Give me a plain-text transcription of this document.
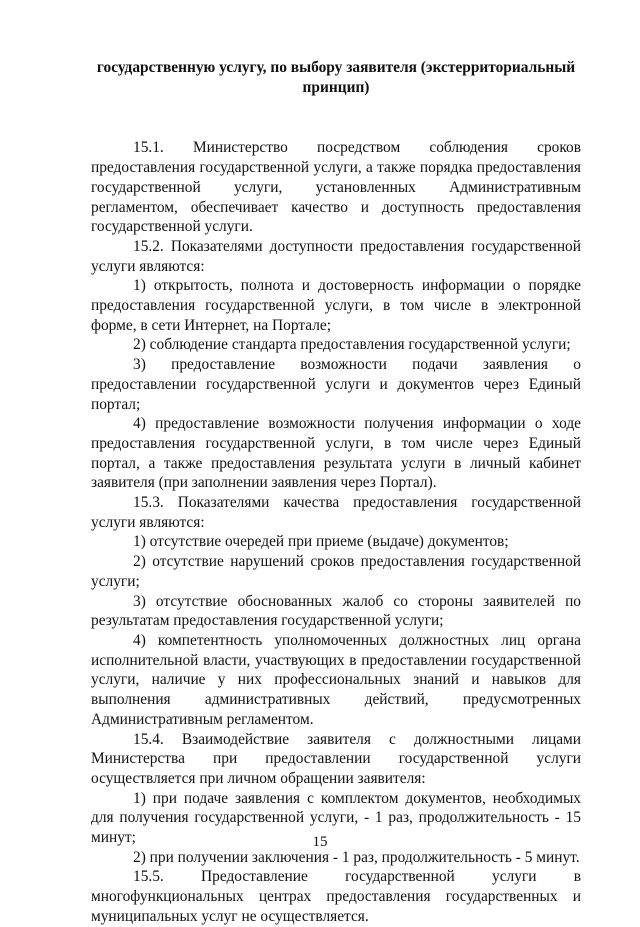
государственную услугу, по выбору заявителя (экстерриториальный принцип)

15.1. Министерство посредством соблюдения сроков предоставления государственной услуги, а также порядка предоставления государственной услуги, установленных Административным регламентом, обеспечивает качество и доступность предоставления государственной услуги.

15.2. Показателями доступности предоставления государственной услуги являются:

1) открытость, полнота и достоверность информации о порядке предоставления государственной услуги, в том числе в электронной форме, в сети Интернет, на Портале;

2) соблюдение стандарта предоставления государственной услуги;

3) предоставление возможности подачи заявления о предоставлении государственной услуги и документов через Единый портал;

4) предоставление возможности получения информации о ходе предоставления государственной услуги, в том числе через Единый портал, а также предоставления результата услуги в личный кабинет заявителя (при заполнении заявления через Портал).

15.3. Показателями качества предоставления государственной услуги являются:

1) отсутствие очередей при приеме (выдаче) документов;

2) отсутствие нарушений сроков предоставления государственной услуги;

3) отсутствие обоснованных жалоб со стороны заявителей по результатам предоставления государственной услуги;

4) компетентность уполномоченных должностных лиц органа исполнительной власти, участвующих в предоставлении государственной услуги, наличие у них профессиональных знаний и навыков для выполнения административных действий, предусмотренных Административным регламентом.

15.4. Взаимодействие заявителя с должностными лицами Министерства при предоставлении государственной услуги осуществляется при личном обращении заявителя:

1) при подаче заявления с комплектом документов, необходимых для получения государственной услуги, - 1 раз, продолжительность - 15 минут;

2) при получении заключения - 1 раз, продолжительность - 5 минут.

15.5. Предоставление государственной услуги в многофункциональных центрах предоставления государственных и муниципальных услуг не осуществляется.

15
